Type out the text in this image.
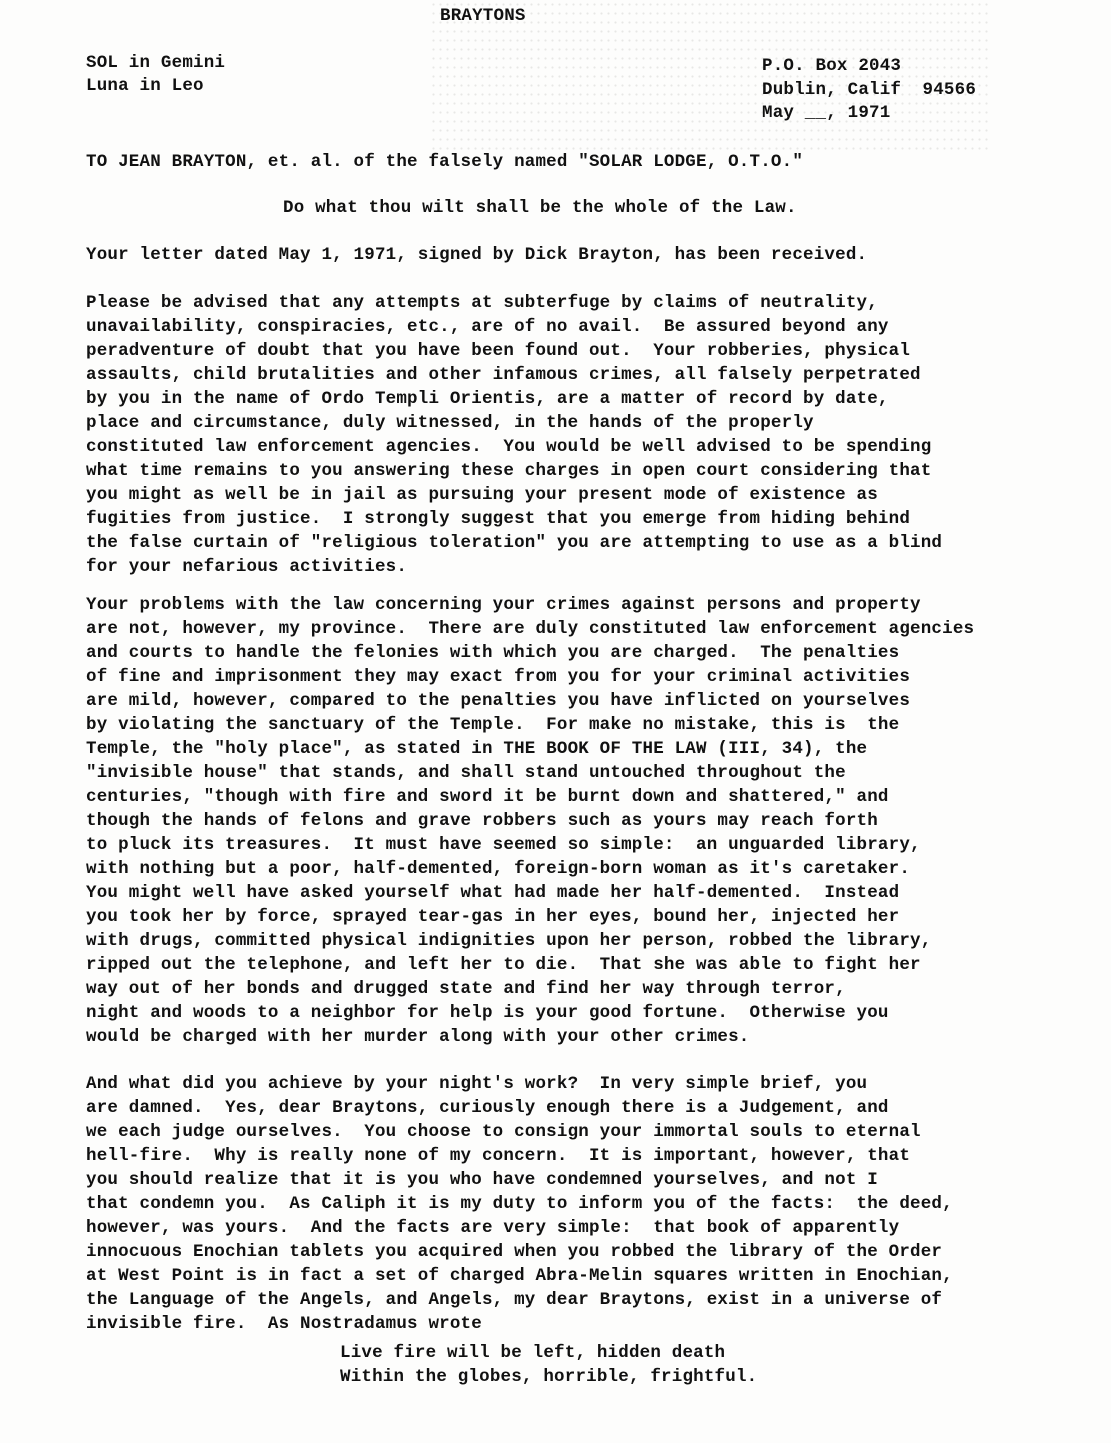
BRAYTONS
SOL in Gemini
Luna in Leo
P.O. Box 2043
Dublin, Calif  94566
May __, 1971
TO JEAN BRAYTON, et. al. of the falsely named "SOLAR LODGE, O.T.O."
Do what thou wilt shall be the whole of the Law.
Your letter dated May 1, 1971, signed by Dick Brayton, has been received.
Please be advised that any attempts at subterfuge by claims of neutrality,
unavailability, conspiracies, etc., are of no avail.  Be assured beyond any
peradventure of doubt that you have been found out.  Your robberies, physical
assaults, child brutalities and other infamous crimes, all falsely perpetrated
by you in the name of Ordo Templi Orientis, are a matter of record by date,
place and circumstance, duly witnessed, in the hands of the properly
constituted law enforcement agencies.  You would be well advised to be spending
what time remains to you answering these charges in open court considering that
you might as well be in jail as pursuing your present mode of existence as
fugities from justice.  I strongly suggest that you emerge from hiding behind
the false curtain of "religious toleration" you are attempting to use as a blind
for your nefarious activities.
Your problems with the law concerning your crimes against persons and property
are not, however, my province.  There are duly constituted law enforcement agencies
and courts to handle the felonies with which you are charged.  The penalties
of fine and imprisonment they may exact from you for your criminal activities
are mild, however, compared to the penalties you have inflicted on yourselves
by violating the sanctuary of the Temple.  For make no mistake, this is  the
Temple, the "holy place", as stated in THE BOOK OF THE LAW (III, 34), the
"invisible house" that stands, and shall stand untouched throughout the
centuries, "though with fire and sword it be burnt down and shattered," and
though the hands of felons and grave robbers such as yours may reach forth
to pluck its treasures.  It must have seemed so simple:  an unguarded library,
with nothing but a poor, half-demented, foreign-born woman as it's caretaker.
You might well have asked yourself what had made her half-demented.  Instead
you took her by force, sprayed tear-gas in her eyes, bound her, injected her
with drugs, committed physical indignities upon her person, robbed the library,
ripped out the telephone, and left her to die.  That she was able to fight her
way out of her bonds and drugged state and find her way through terror,
night and woods to a neighbor for help is your good fortune.  Otherwise you
would be charged with her murder along with your other crimes.
And what did you achieve by your night's work?  In very simple brief, you
are damned.  Yes, dear Braytons, curiously enough there is a Judgement, and
we each judge ourselves.  You choose to consign your immortal souls to eternal
hell-fire.  Why is really none of my concern.  It is important, however, that
you should realize that it is you who have condemned yourselves, and not I
that condemn you.  As Caliph it is my duty to inform you of the facts:  the deed,
however, was yours.  And the facts are very simple:  that book of apparently
innocuous Enochian tablets you acquired when you robbed the library of the Order
at West Point is in fact a set of charged Abra-Melin squares written in Enochian,
the Language of the Angels, and Angels, my dear Braytons, exist in a universe of
invisible fire.  As Nostradamus wrote
Live fire will be left, hidden death
Within the globes, horrible, frightful.
